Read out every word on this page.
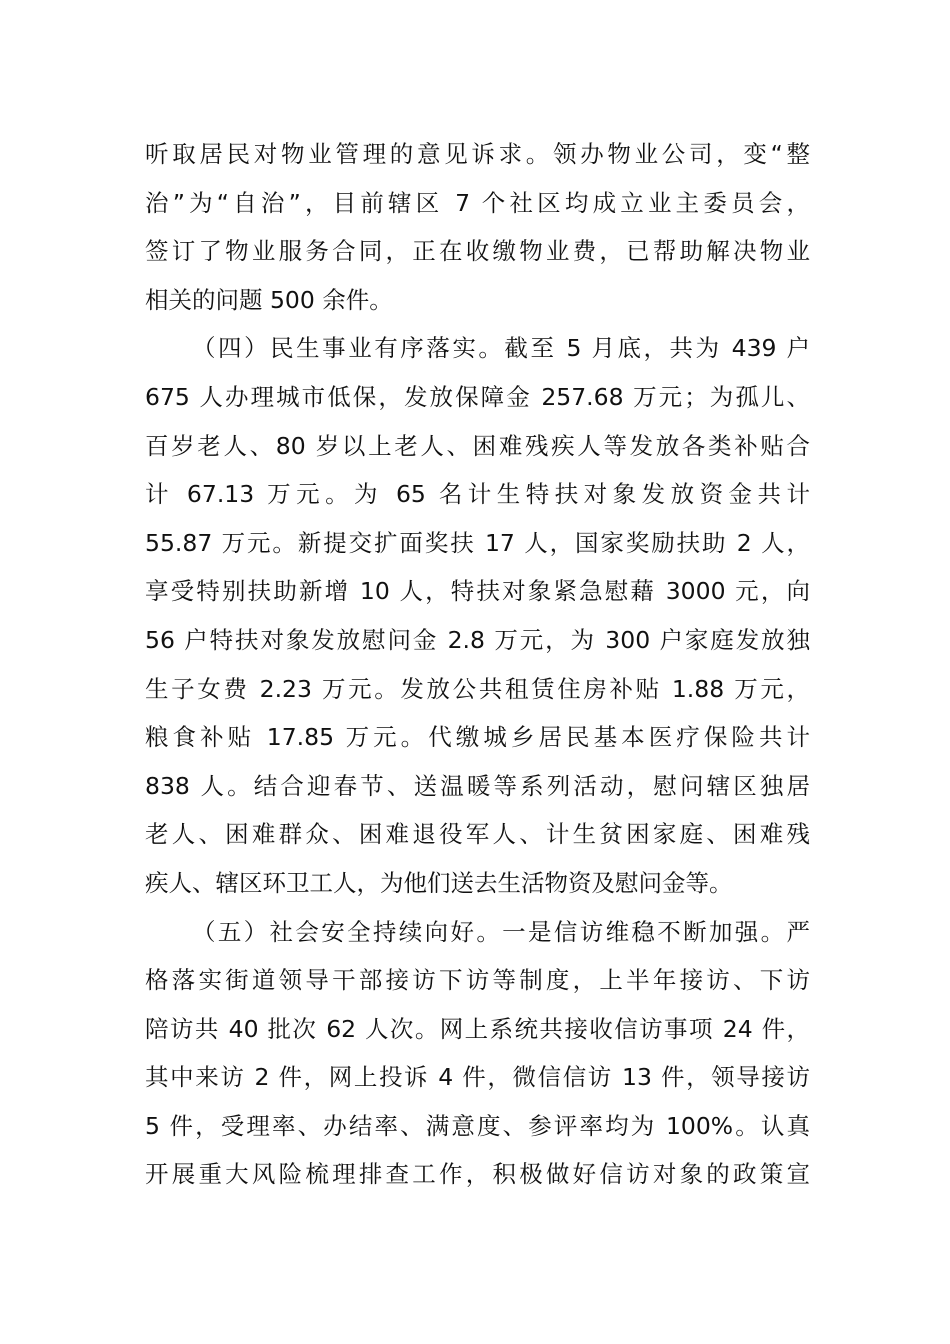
听取居民对物业管理的意见诉求。领办物业公司，变“整
治”为“自治”，目前辖区 7 个社区均成立业主委员会，
签订了物业服务合同，正在收缴物业费，已帮助解决物业
相关的问题 500 余件。
（四）民生事业有序落实。截至 5 月底，共为 439 户
675 人办理城市低保，发放保障金 257.68 万元；为孤儿、
百岁老人、80 岁以上老人、困难残疾人等发放各类补贴合
计 67.13 万元。为 65 名计生特扶对象发放资金共计
55.87 万元。新提交扩面奖扶 17 人，国家奖励扶助 2 人，
享受特别扶助新增 10 人，特扶对象紧急慰藉 3000 元，向
56 户特扶对象发放慰问金 2.8 万元，为 300 户家庭发放独
生子女费 2.23 万元。发放公共租赁住房补贴 1.88 万元，
粮食补贴 17.85 万元。代缴城乡居民基本医疗保险共计
838 人。结合迎春节、送温暖等系列活动，慰问辖区独居
老人、困难群众、困难退役军人、计生贫困家庭、困难残
疾人、辖区环卫工人，为他们送去生活物资及慰问金等。
（五）社会安全持续向好。一是信访维稳不断加强。严
格落实街道领导干部接访下访等制度，上半年接访、下访
陪访共 40 批次 62 人次。网上系统共接收信访事项 24 件，
其中来访 2 件，网上投诉 4 件，微信信访 13 件，领导接访
5 件，受理率、办结率、满意度、参评率均为 100%。认真
开展重大风险梳理排查工作，积极做好信访对象的政策宣
